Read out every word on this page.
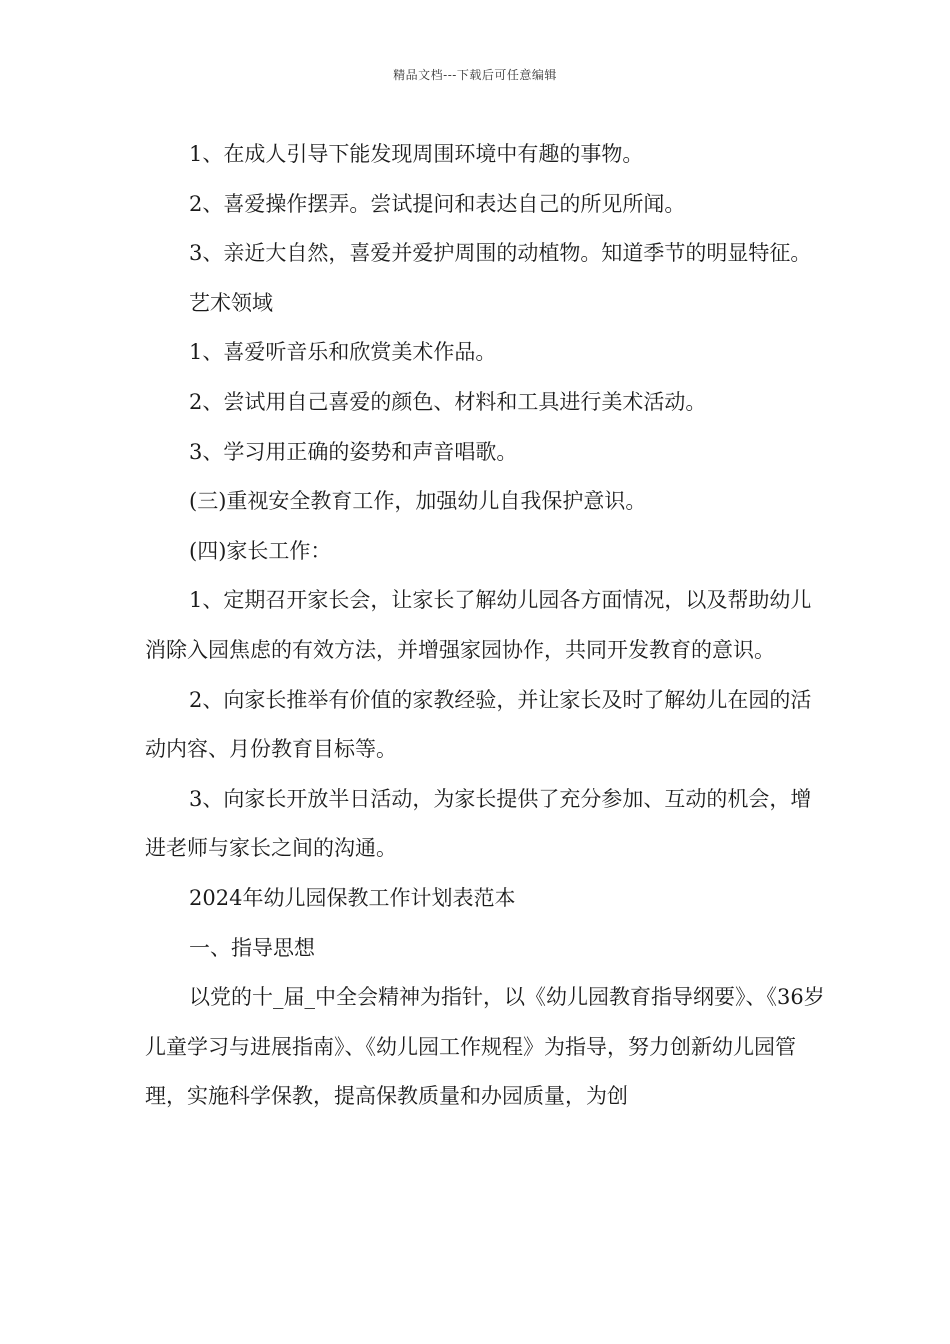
精品文档---下载后可任意编辑

1、在成人引导下能发现周围环境中有趣的事物。

2、喜爱操作摆弄。尝试提问和表达自己的所见所闻。

3、亲近大自然，喜爱并爱护周围的动植物。知道季节的明显特征。

艺术领域

1、喜爱听音乐和欣赏美术作品。

2、尝试用自己喜爱的颜色、材料和工具进行美术活动。

3、学习用正确的姿势和声音唱歌。

(三)重视安全教育工作，加强幼儿自我保护意识。

(四)家长工作：

1、定期召开家长会，让家长了解幼儿园各方面情况，以及帮助幼儿消除入园焦虑的有效方法，并增强家园协作，共同开发教育的意识。

2、向家长推举有价值的家教经验，并让家长及时了解幼儿在园的活动内容、月份教育目标等。

3、向家长开放半日活动，为家长提供了充分参加、互动的机会，增进老师与家长之间的沟通。

2024年幼儿园保教工作计划表范本

一、指导思想

以党的十_届_中全会精神为指针，以《幼儿园教育指导纲要》、《36岁儿童学习与进展指南》、《幼儿园工作规程》为指导，努力创新幼儿园管理，实施科学保教，提高保教质量和办园质量，为创
